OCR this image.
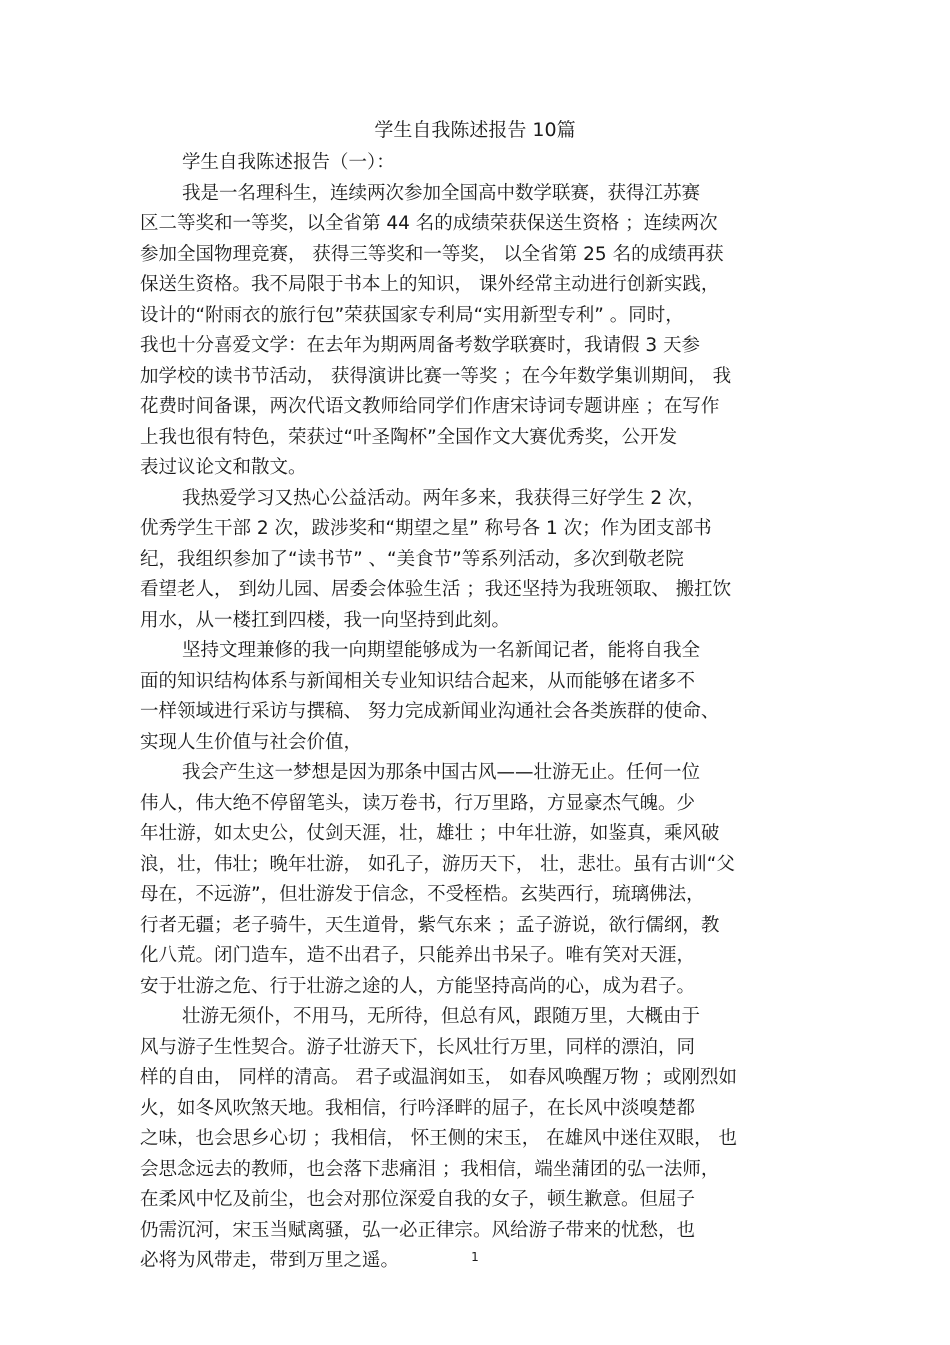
学生自我陈述报告 10篇
学生自我陈述报告（一）：
我是一名理科生，连续两次参加全国高中数学联赛，获得江苏赛
区二等奖和一等奖，以全省第 44 名的成绩荣获保送生资格 ；连续两次
参加全国物理竞赛， 获得三等奖和一等奖， 以全省第 25 名的成绩再获
保送生资格。我不局限于书本上的知识， 课外经常主动进行创新实践，
设计的“附雨衣的旅行包”荣获国家专利局“实用新型专利” 。同时，
我也十分喜爱文学：在去年为期两周备考数学联赛时，我请假 3 天参
加学校的读书节活动， 获得演讲比赛一等奖 ；在今年数学集训期间， 我
花费时间备课，两次代语文教师给同学们作唐宋诗词专题讲座 ；在写作
上我也很有特色，荣获过“叶圣陶杯”全国作文大赛优秀奖，公开发
表过议论文和散文。
我热爱学习又热心公益活动。两年多来，我获得三好学生 2 次，
优秀学生干部 2 次，跋涉奖和“期望之星” 称号各 1 次；作为团支部书
纪，我组织参加了“读书节” 、“美食节”等系列活动，多次到敬老院
看望老人， 到幼儿园、居委会体验生活 ；我还坚持为我班领取、 搬扛饮
用水，从一楼扛到四楼，我一向坚持到此刻。
坚持文理兼修的我一向期望能够成为一名新闻记者，能将自我全
面的知识结构体系与新闻相关专业知识结合起来，从而能够在诸多不
一样领域进行采访与撰稿、 努力完成新闻业沟通社会各类族群的使命、
实现人生价值与社会价值，
我会产生这一梦想是因为那条中国古风——壮游无止。任何一位
伟人，伟大绝不停留笔头，读万卷书，行万里路，方显豪杰气魄。少
年壮游，如太史公，仗剑天涯，壮，雄壮 ；中年壮游，如鉴真，乘风破
浪，壮，伟壮；晚年壮游， 如孔子，游历天下， 壮，悲壮。虽有古训“父
母在，不远游”，但壮游发于信念，不受桎梏。玄奘西行，琉璃佛法，
行者无疆；老子骑牛，天生道骨，紫气东来 ；孟子游说，欲行儒纲，教
化八荒。闭门造车，造不出君子，只能养出书呆子。唯有笑对天涯，
安于壮游之危、行于壮游之途的人，方能坚持高尚的心，成为君子。
壮游无须仆，不用马，无所待，但总有风，跟随万里，大概由于
风与游子生性契合。游子壮游天下，长风壮行万里，同样的漂泊，同
样的自由， 同样的清高。 君子或温润如玉， 如春风唤醒万物 ；或刚烈如
火，如冬风吹煞天地。我相信，行吟泽畔的屈子，在长风中淡嗅楚都
之味，也会思乡心切 ；我相信， 怀王侧的宋玉， 在雄风中迷住双眼， 也
会思念远去的教师，也会落下悲痛泪 ；我相信，端坐蒲团的弘一法师，
在柔风中忆及前尘，也会对那位深爱自我的女子，顿生歉意。但屈子
仍需沉河，宋玉当赋离骚，弘一必正律宗。风给游子带来的忧愁，也
必将为风带走，带到万里之遥。	1
